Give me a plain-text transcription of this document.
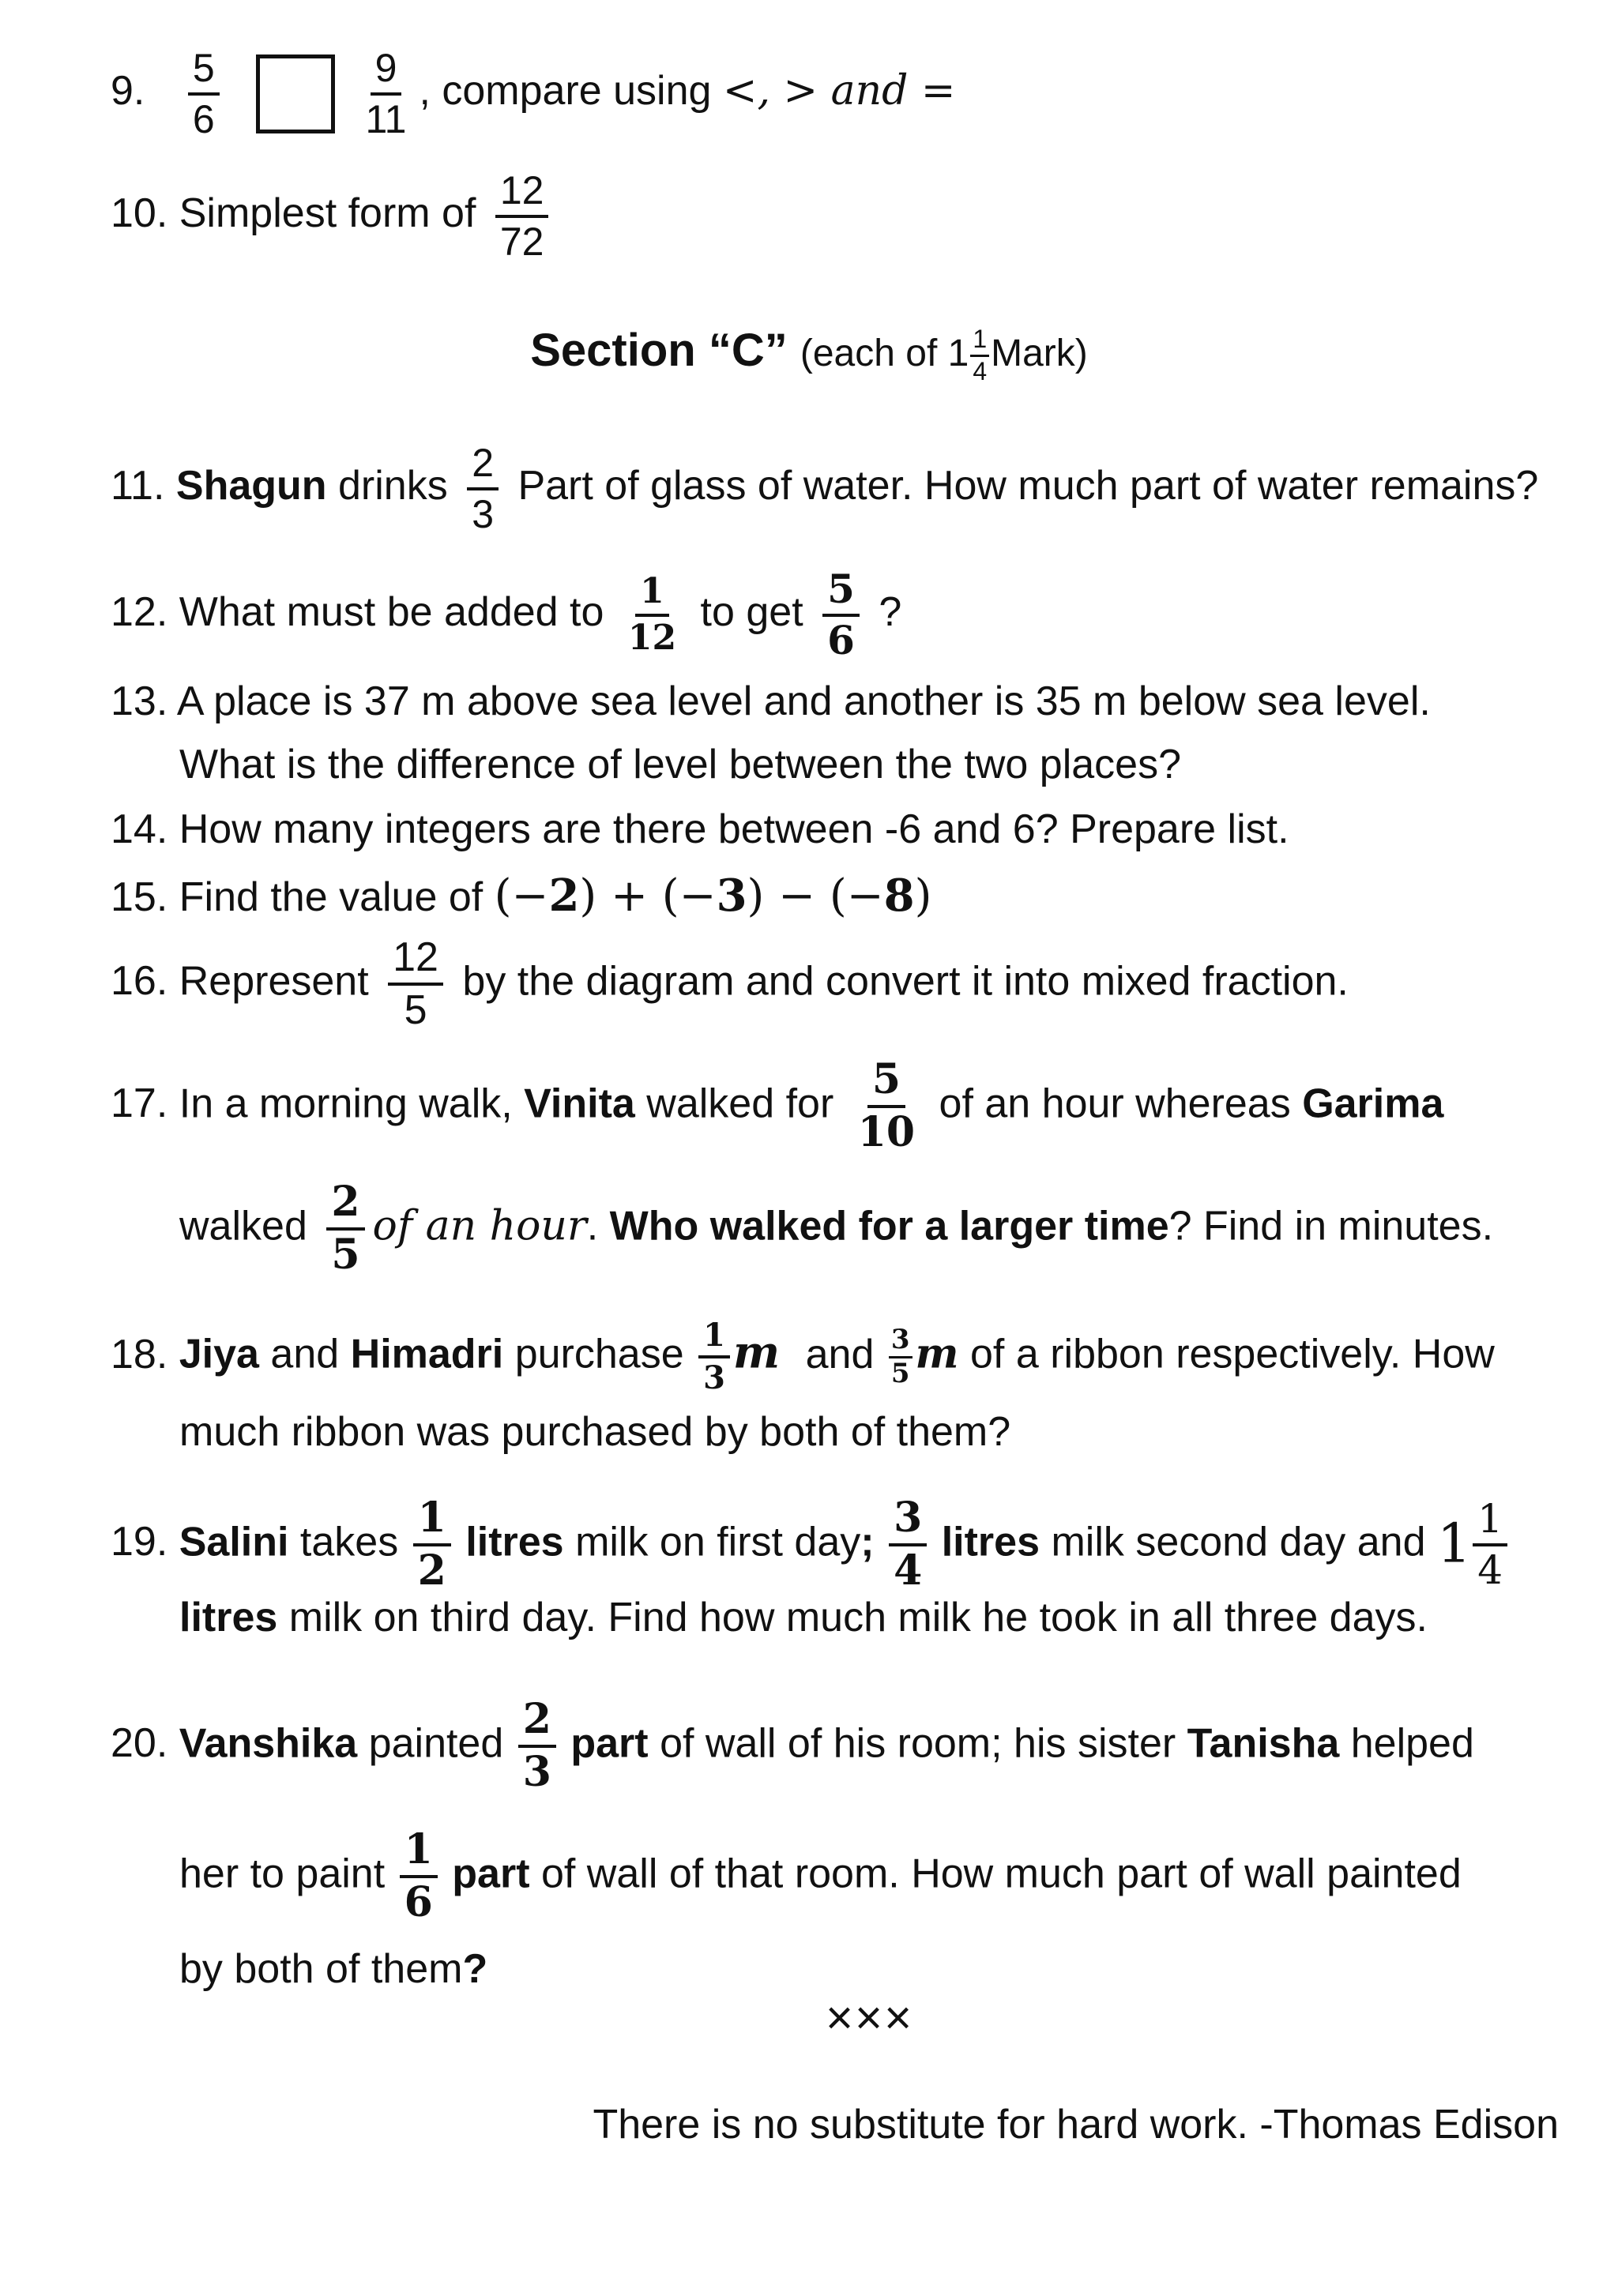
9. $\frac{5}{6}$
	$\frac{9}{11}$ , compare using <, > and =
10. Simplest form of $\frac{12}{72}$
Section “C” (each of $1 \frac{1}{4}$ Mark)
11. Shagun drinks $\frac{2}{3}$ Part of glass of water. How much part of water remains?
12. What must be added to $\frac{1}{12}$ to get $\frac{5}{6}$ ?
13. A place is 37 m above sea level and another is 35 m below sea level.
What is the difference of level between the two places?
14. How many integers are there between -6 and 6? Prepare list.
15. Find the value of (−2) + (−3) − (−8)
16. Represent $\frac{12}{5}$ by the diagram and convert it into mixed fraction.
17. In a morning walk, Vinita walked for $\frac{5}{10}$ of an hour whereas Garima
walked $\frac{2}{5}$ of an hour. Who walked for a larger time? Find in minutes.
18. Jiya and Himadri purchase $\frac{1}{3}$ m and $\frac{3}{5}$ m of a ribbon respectively. How
much ribbon was purchased by both of them?
19. Salini takes $\frac{1}{2}$ litres milk on first day; $\frac{3}{4}$ litres milk second day and $1 \frac{1}{4}$
litres milk on third day. Find how much milk he took in all three days.
20. Vanshika painted $\frac{2}{3}$ part of wall of his room; his sister Tanisha helped
her to paint $\frac{1}{6}$ part of wall of that room. How much part of wall painted
by both of them?
×××
There is no substitute for hard work. -Thomas Edison
